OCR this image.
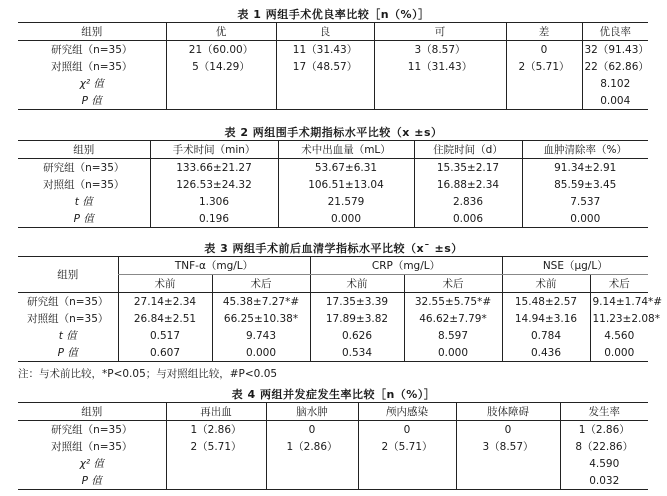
表 1 两组手术优良率比较［n（%）］
组别	优	良	可	差	优良率
研究组（n=35）	21（60.00）	11（31.43）	3（8.57）	0	32（91.43）
对照组（n=35）	5（14.29）	17（48.57）	11（31.43）	2（5.71）	22（62.86）
χ² 值					8.102
P 值					0.004
表 2 两组围手术期指标水平比较（x ±s）
组别	手术时间（min）	术中出血量（mL）	住院时间（d）	血肿清除率（%）
研究组（n=35）	133.66±21.27	53.67±6.31	15.35±2.17	91.34±2.91
对照组（n=35）	126.53±24.32	106.51±13.04	16.88±2.34	85.59±3.45
t 值	1.306	21.579	2.836	7.537
P 值	0.196	0.000	0.006	0.000
表 3 两组手术前后血清学指标水平比较（x¯ ±s）
组别	TNF-α（mg/L）		CRP（mg/L）		NSE（μg/L）	
	术前	术后	术前	术后	术前	术后
研究组（n=35）	27.14±2.34	45.38±7.27*#	17.35±3.39	32.55±5.75*#	15.48±2.57	9.14±1.74*#
对照组（n=35）	26.84±2.51	66.25±10.38*	17.89±3.82	46.62±7.79*	14.94±3.16	11.23±2.08*
t 值	0.517	9.743	0.626	8.597	0.784	4.560
P 值	0.607	0.000	0.534	0.000	0.436	0.000
注：与术前比较，*P<0.05；与对照组比较，#P<0.05
表 4 两组并发症发生率比较［n（%）］
组别	再出血	脑水肿	颅内感染	肢体障碍	发生率
研究组（n=35）	1（2.86）	0	0	0	1（2.86）
对照组（n=35）	2（5.71）	1（2.86）	2（5.71）	3（8.57）	8（22.86）
χ² 值					4.590
P 值					0.032
